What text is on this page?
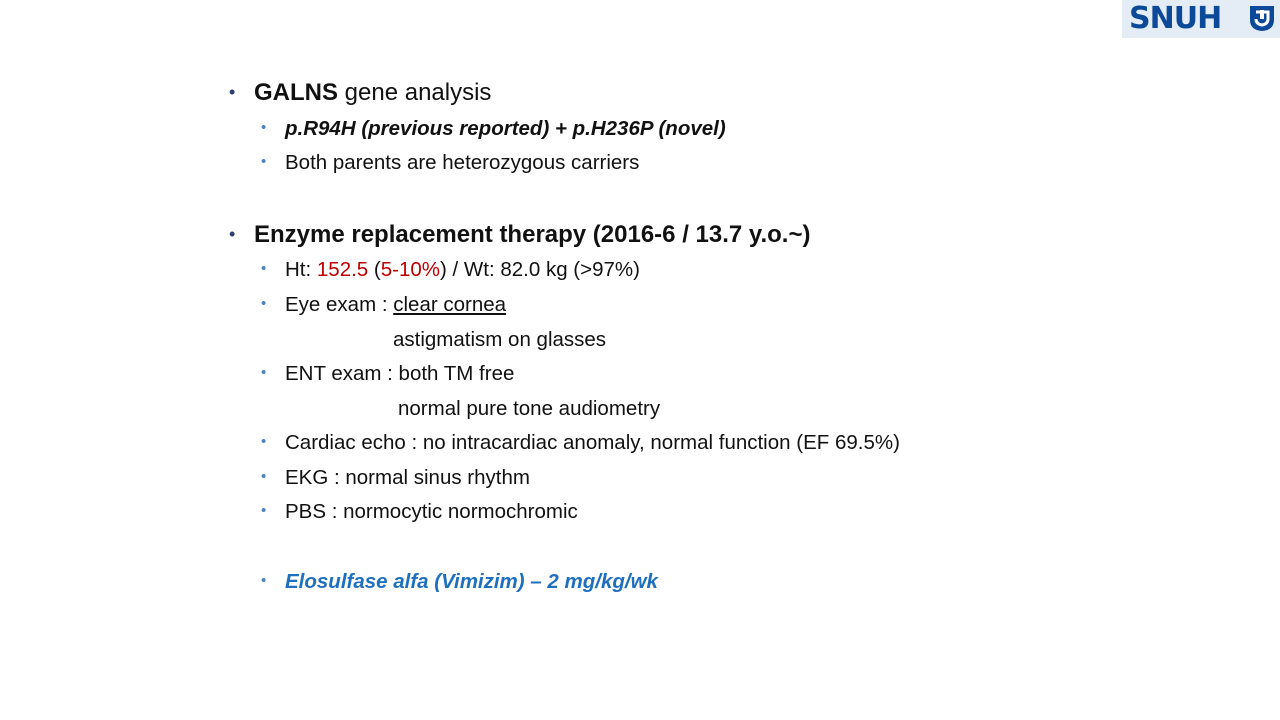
SNUH
• GALNS gene analysis
• p.R94H (previous reported) + p.H236P (novel)
• Both parents are heterozygous carriers
• Enzyme replacement therapy (2016-6 / 13.7 y.o.~)
• Ht: 152.5 (5-10%) / Wt: 82.0 kg (>97%)
• Eye exam : clear cornea
astigmatism on glasses
• ENT exam : both TM free
normal pure tone audiometry
• Cardiac echo : no intracardiac anomaly, normal function (EF 69.5%)
• EKG : normal sinus rhythm
• PBS : normocytic normochromic
• Elosulfase alfa (Vimizim) – 2 mg/kg/wk
